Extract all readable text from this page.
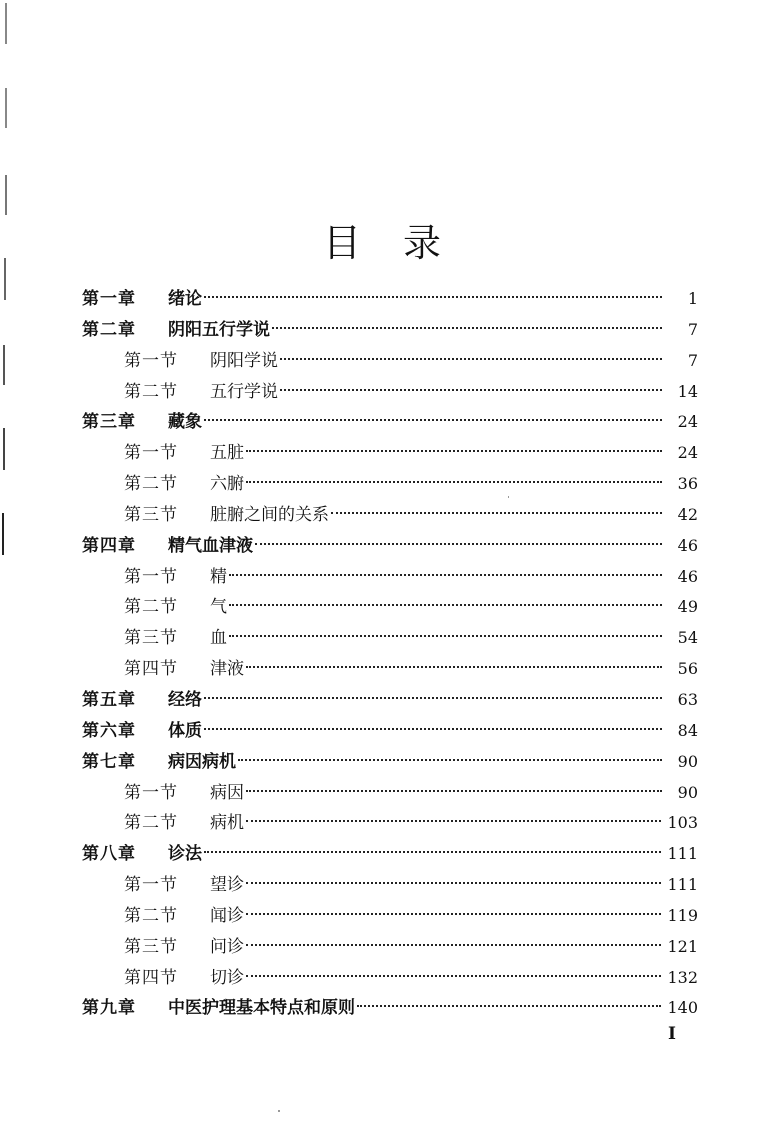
目录
第一章	绪论	1
第二章	阴阳五行学说	7
第一节	阴阳学说	7
第二节	五行学说	14
第三章	藏象	24
第一节	五脏	24
第二节	六腑	36
第三节	脏腑之间的关系	42
第四章	精气血津液	46
第一节	精	46
第二节	气	49
第三节	血	54
第四节	津液	56
第五章	经络	63
第六章	体质	84
第七章	病因病机	90
第一节	病因	90
第二节	病机	103
第八章	诊法	111
第一节	望诊	111
第二节	闻诊	119
第三节	问诊	121
第四节	切诊	132
第九章	中医护理基本特点和原则	140
I
